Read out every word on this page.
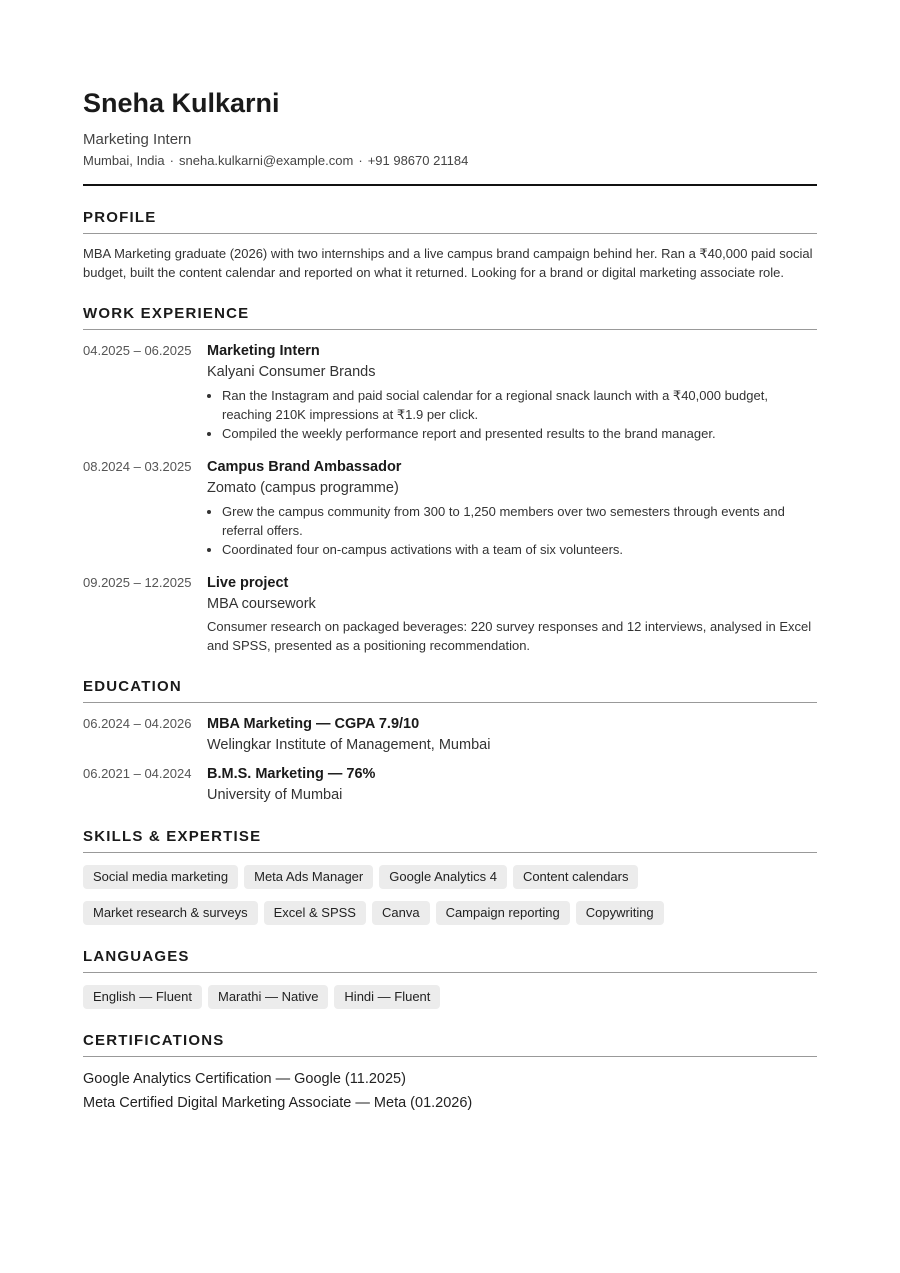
Sneha Kulkarni
Marketing Intern
Mumbai, India · sneha.kulkarni@example.com · +91 98670 21184
PROFILE
MBA Marketing graduate (2026) with two internships and a live campus brand campaign behind her. Ran a ₹40,000 paid social budget, built the content calendar and reported on what it returned. Looking for a brand or digital marketing associate role.
WORK EXPERIENCE
04.2025 – 06.2025	Marketing Intern
Kalyani Consumer Brands
• Ran the Instagram and paid social calendar for a regional snack launch with a ₹40,000 budget, reaching 210K impressions at ₹1.9 per click.
• Compiled the weekly performance report and presented results to the brand manager.
08.2024 – 03.2025	Campus Brand Ambassador
Zomato (campus programme)
• Grew the campus community from 300 to 1,250 members over two semesters through events and referral offers.
• Coordinated four on-campus activations with a team of six volunteers.
09.2025 – 12.2025	Live project
MBA coursework
Consumer research on packaged beverages: 220 survey responses and 12 interviews, analysed in Excel and SPSS, presented as a positioning recommendation.
EDUCATION
06.2024 – 04.2026	MBA Marketing — CGPA 7.9/10
Welingkar Institute of Management, Mumbai
06.2021 – 04.2024	B.M.S. Marketing — 76%
University of Mumbai
SKILLS & EXPERTISE
Social media marketing	Meta Ads Manager	Google Analytics 4	Content calendars
Market research & surveys	Excel & SPSS	Canva	Campaign reporting	Copywriting
LANGUAGES
English — Fluent	Marathi — Native	Hindi — Fluent
CERTIFICATIONS
Google Analytics Certification — Google (11.2025)
Meta Certified Digital Marketing Associate — Meta (01.2026)
